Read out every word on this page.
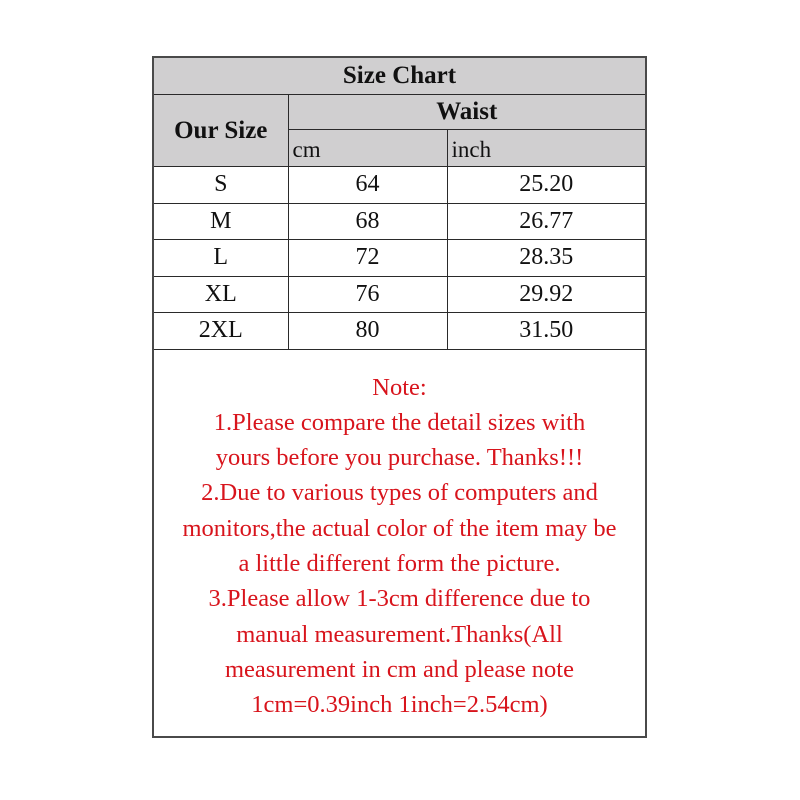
Size Chart		
Our Size	Waist	
	cm	inch
S	64	25.20
M	68	26.77
L	72	28.35
XL	76	29.92
2XL	80	31.50
Note:
1.Please compare the detail sizes with
yours before you purchase. Thanks!!!
2.Due to various types of computers and
monitors,the actual color of the item may be
a little different form the picture.
3.Please allow 1-3cm difference due to
manual measurement.Thanks(All
measurement in cm and please note
1cm=0.39inch 1inch=2.54cm)
